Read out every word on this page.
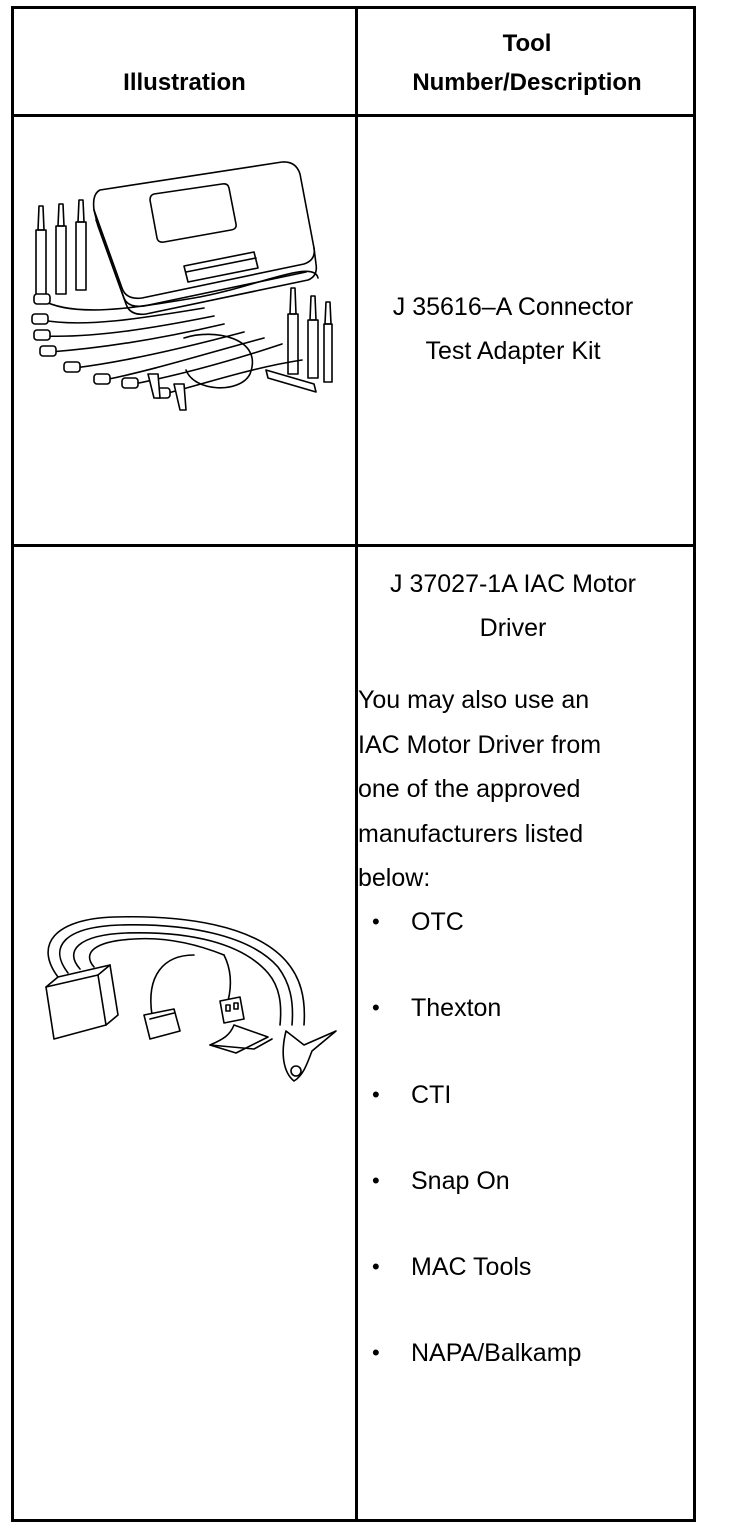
Illustration
Tool
Number/Description
J 35616–A Connector
Test Adapter Kit
J 37027-1A IAC Motor
Driver
You may also use an
IAC Motor Driver from
one of the approved
manufacturers listed
below:
• OTC
• Thexton
• CTI
• Snap On
• MAC Tools
• NAPA/Balkamp
